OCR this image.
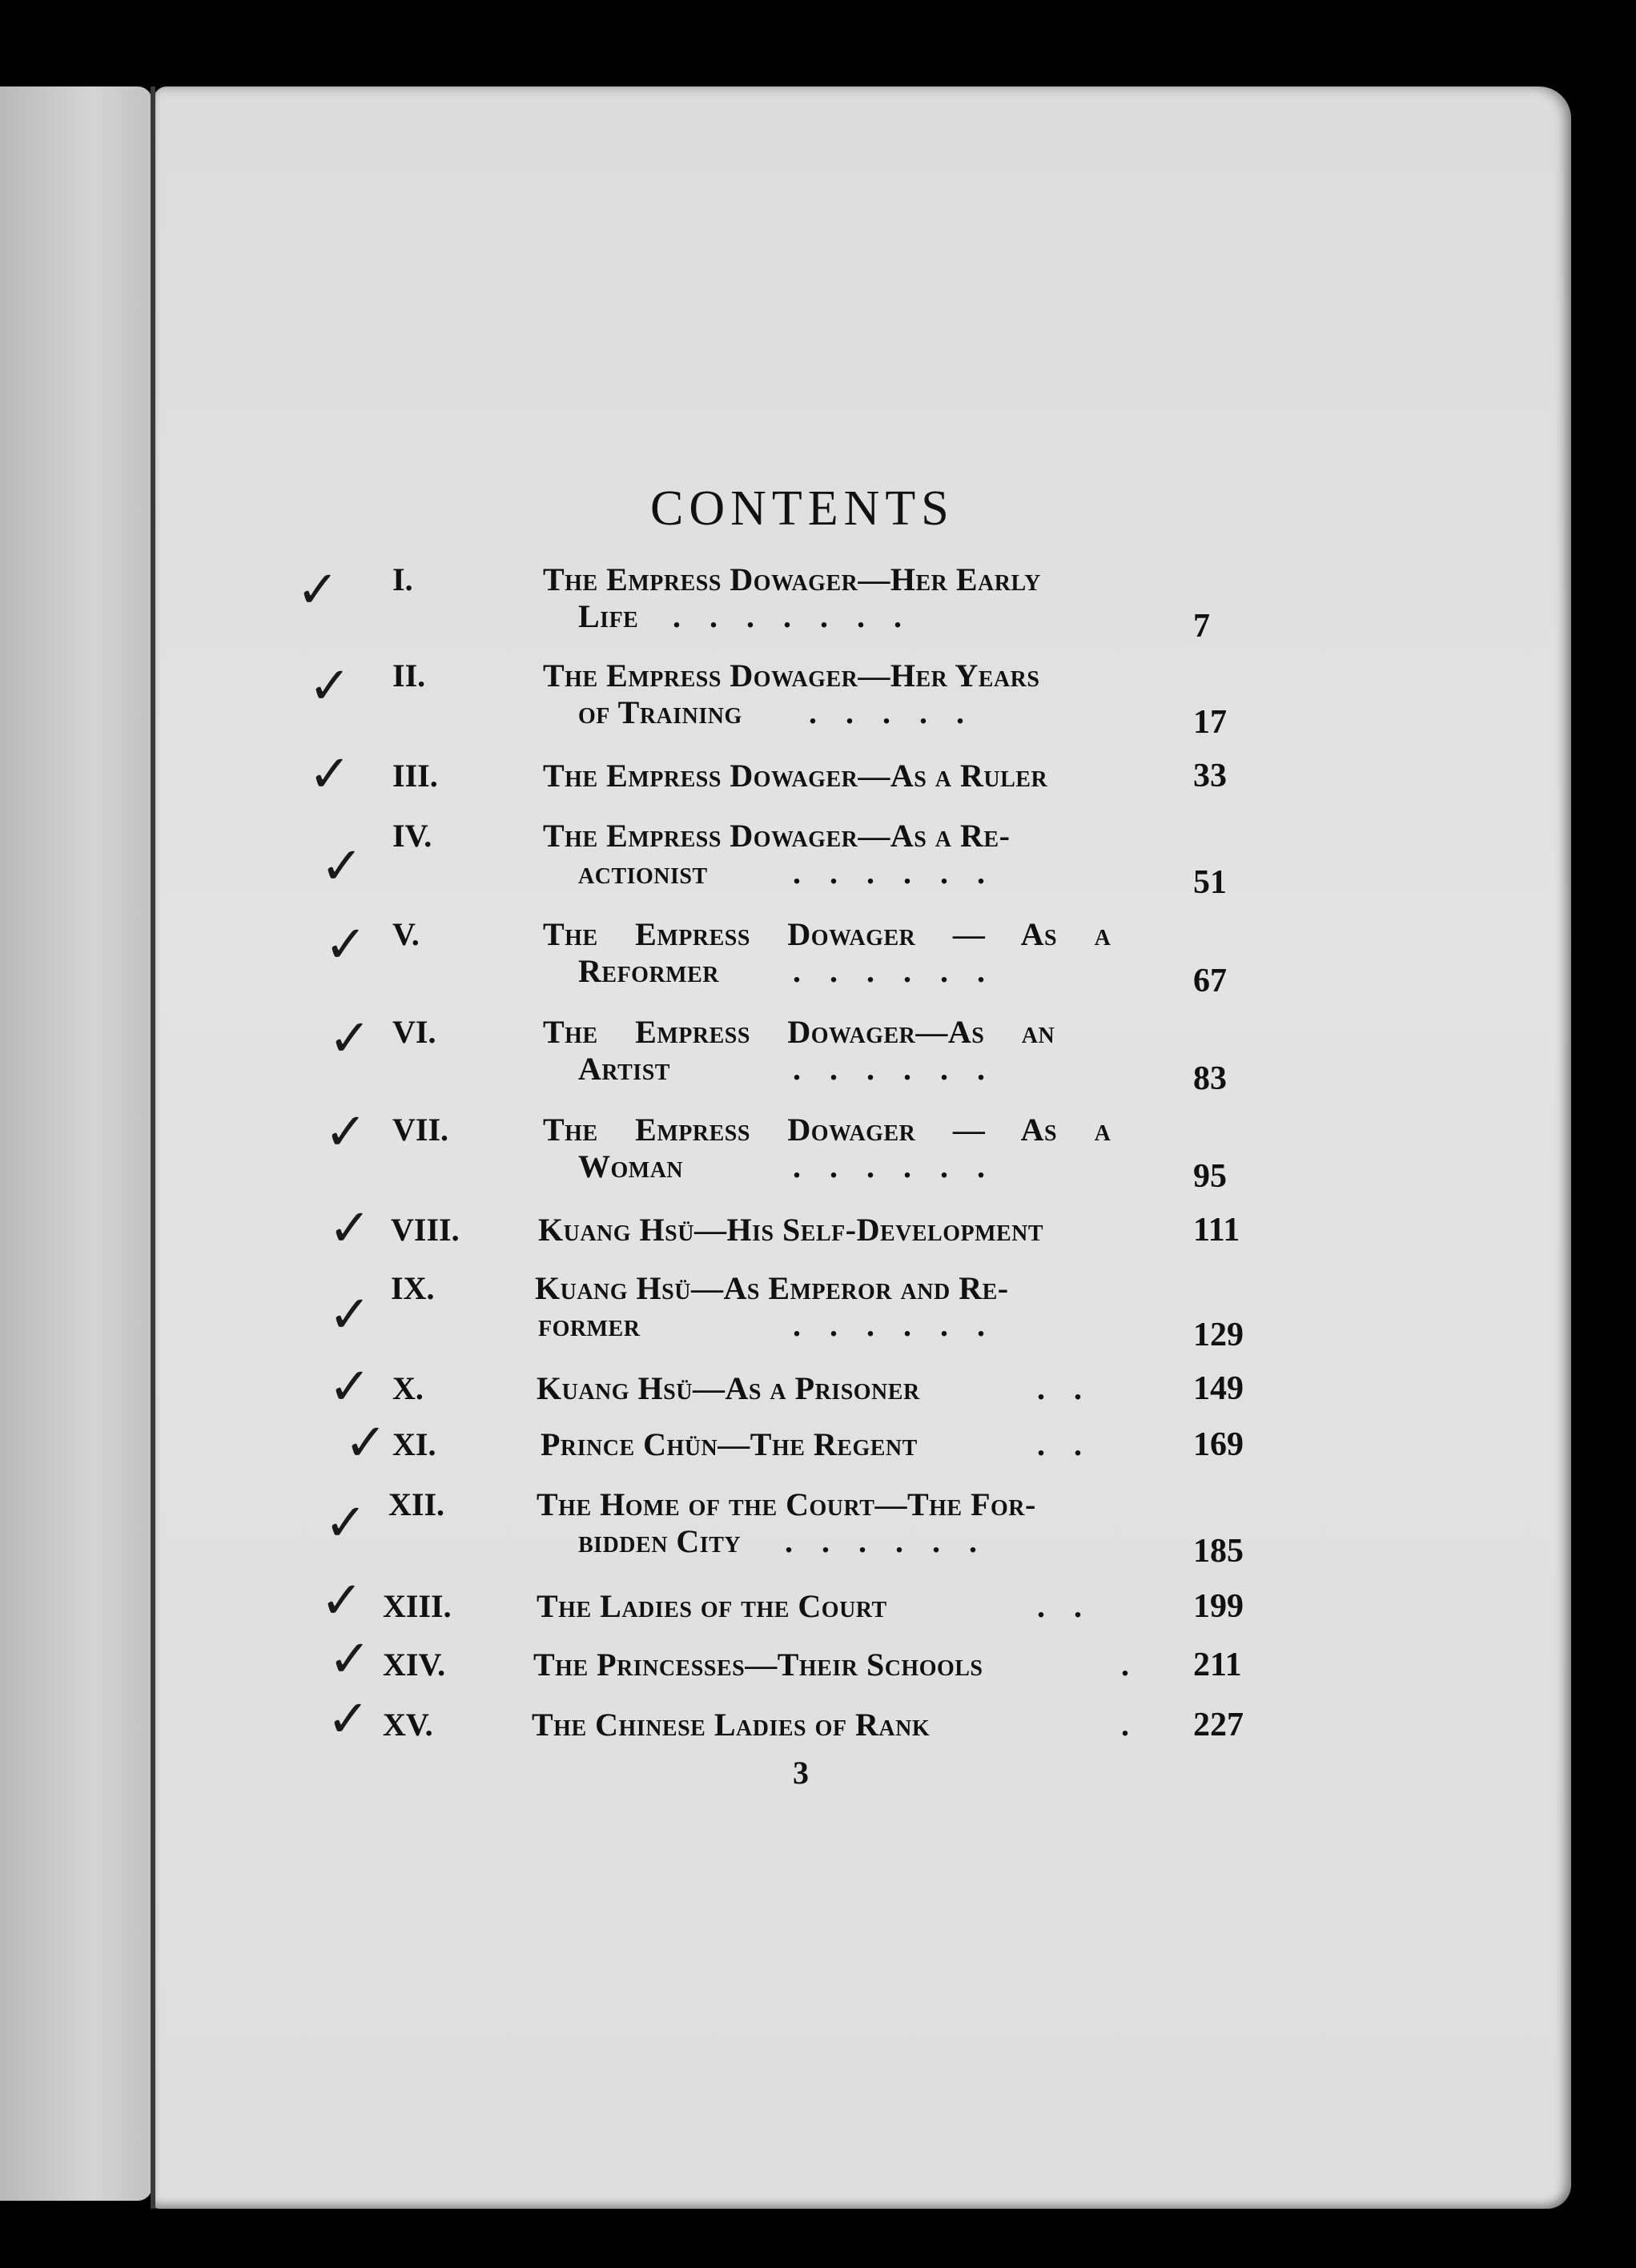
CONTENTS
✓ I.	The Empress Dowager—Her Early
Life .......	7
✓ II.	The Empress Dowager—Her Years
of Training .....	17
✓ III.	The Empress Dowager—As a Ruler	33
✓
IV.	The Empress Dowager—As a Re-
actionist	......	51
✓ V.	The Empress Dowager — As a
Reformer ......	67
✓ VI.	The Empress Dowager—As an
Artist	......	83
✓ VII.	The Empress Dowager — As a
Woman	......	95
✓ VIII. Kuang Hsü—His Self-Development	111
✓ IX.	Kuang Hsü—As Emperor and Re-
former	......	129
✓ X.	Kuang Hsü—As a Prisoner	.. 149
✓ XI.	Prince Chün—The Regent	.. 169
✓ XII.	The Home of the Court—The For-
bidden City ......	185
✓ XIII.	The Ladies of the Court	.. 199
✓ XIV.	The Princesses—Their Schools	. 211
✓ XV.	The Chinese Ladies of Rank	. 227
3
